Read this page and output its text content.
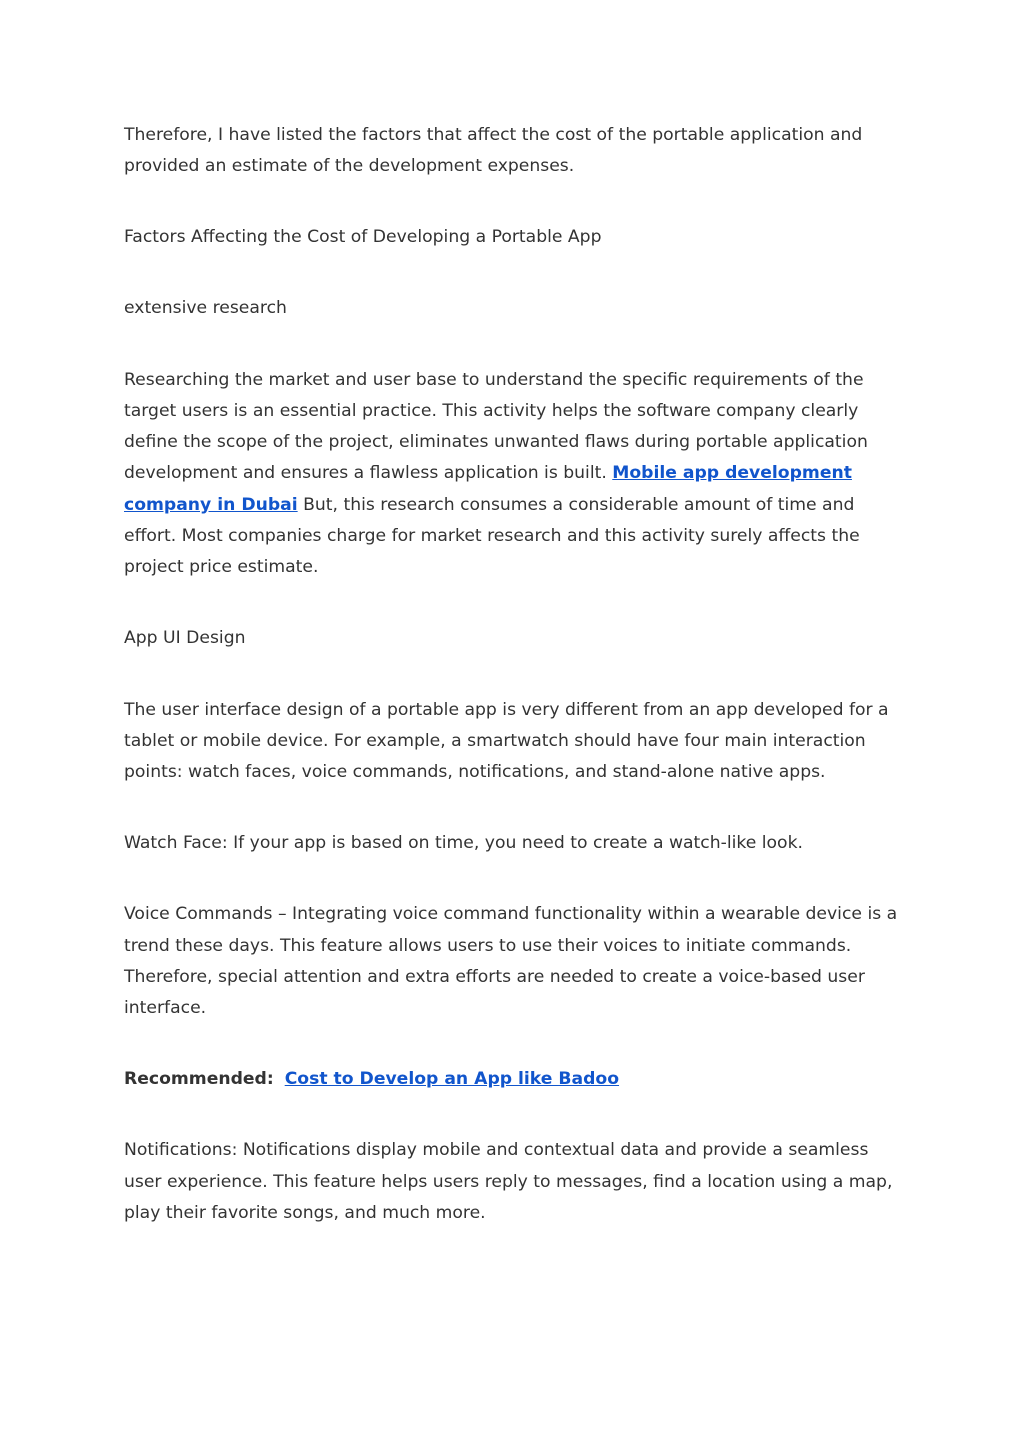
Therefore, I have listed the factors that affect the cost of the portable application and provided an estimate of the development expenses.

Factors Affecting the Cost of Developing a Portable App

extensive research

Researching the market and user base to understand the specific requirements of the target users is an essential practice. This activity helps the software company clearly define the scope of the project, eliminates unwanted flaws during portable application development and ensures a flawless application is built. Mobile app development company in Dubai But, this research consumes a considerable amount of time and effort. Most companies charge for market research and this activity surely affects the project price estimate.

App UI Design

The user interface design of a portable app is very different from an app developed for a tablet or mobile device. For example, a smartwatch should have four main interaction points: watch faces, voice commands, notifications, and stand-alone native apps.

Watch Face: If your app is based on time, you need to create a watch-like look.

Voice Commands – Integrating voice command functionality within a wearable device is a trend these days. This feature allows users to use their voices to initiate commands. Therefore, special attention and extra efforts are needed to create a voice-based user interface.

Recommended: Cost to Develop an App like Badoo

Notifications: Notifications display mobile and contextual data and provide a seamless user experience. This feature helps users reply to messages, find a location using a map, play their favorite songs, and much more.
